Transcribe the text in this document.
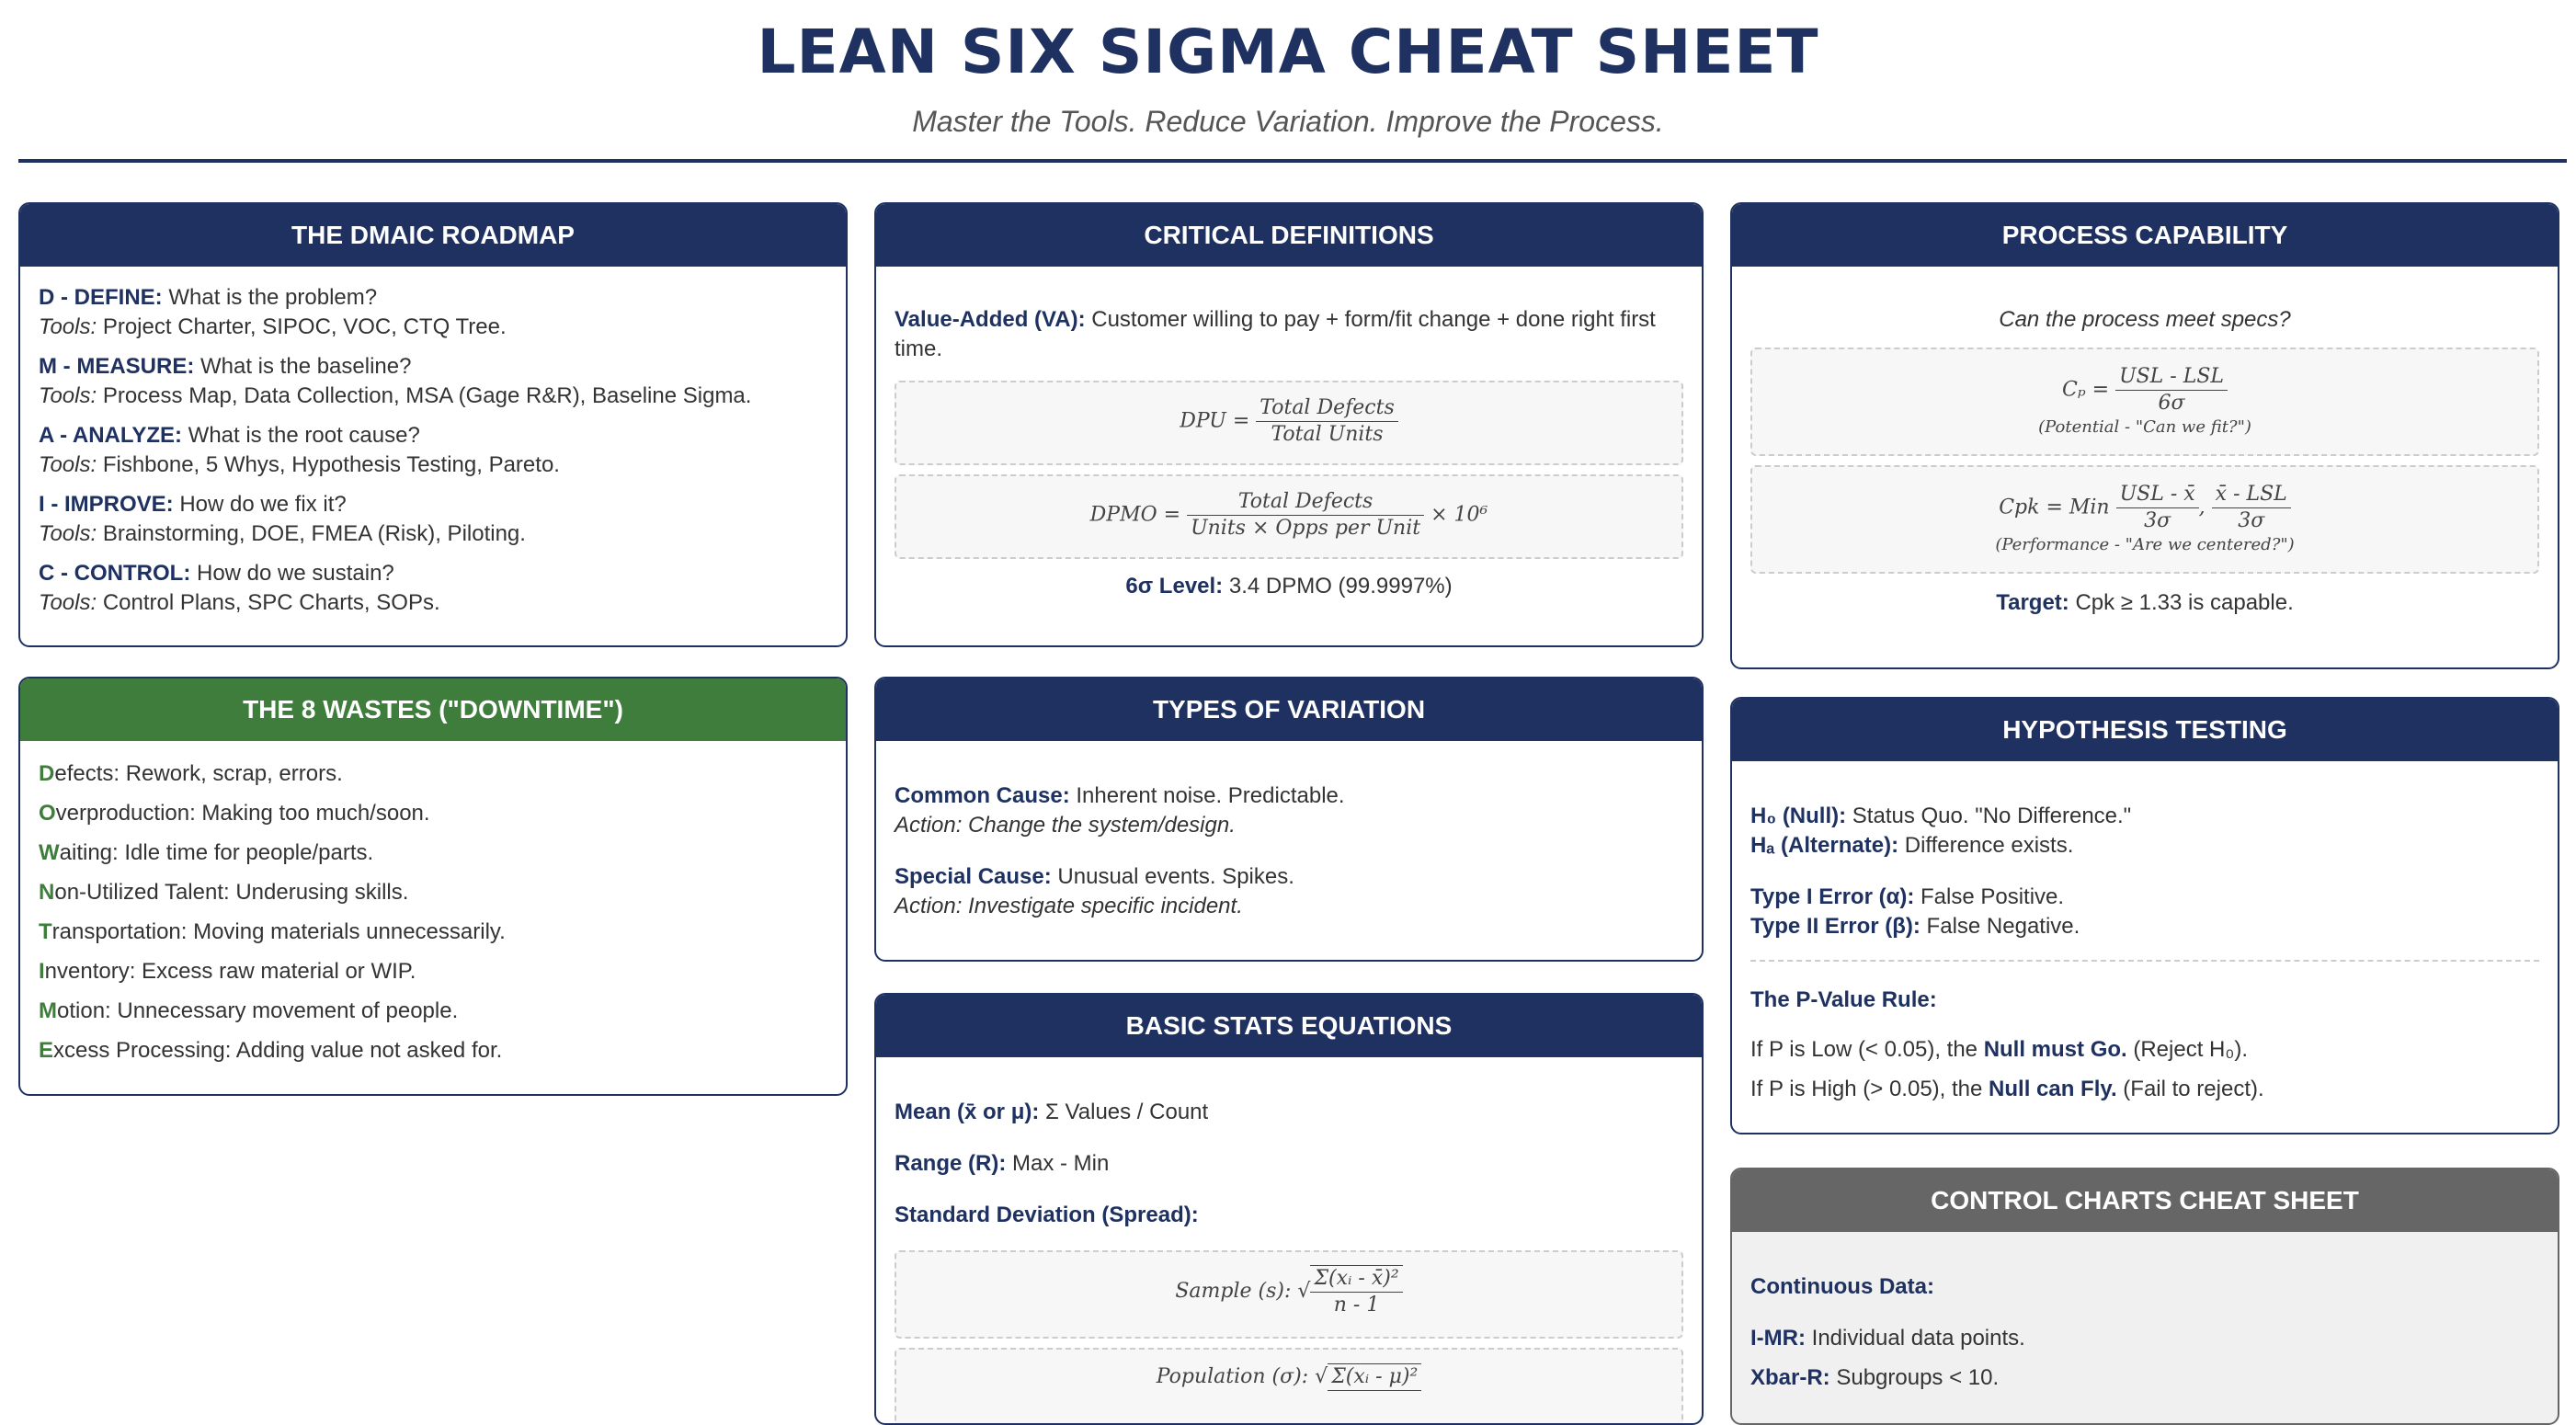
LEAN SIX SIGMA CHEAT SHEET
Master the Tools. Reduce Variation. Improve the Process.
THE DMAIC ROADMAP
D - DEFINE: What is the problem?
Tools: Project Charter, SIPOC, VOC, CTQ Tree.
M - MEASURE: What is the baseline?
Tools: Process Map, Data Collection, MSA (Gage R&R), Baseline Sigma.
A - ANALYZE: What is the root cause?
Tools: Fishbone, 5 Whys, Hypothesis Testing, Pareto.
I - IMPROVE: How do we fix it?
Tools: Brainstorming, DOE, FMEA (Risk), Piloting.
C - CONTROL: How do we sustain?
Tools: Control Plans, SPC Charts, SOPs.
THE 8 WASTES ("DOWNTIME")
Defects: Rework, scrap, errors.
Overproduction: Making too much/soon.
Waiting: Idle time for people/parts.
Non-Utilized Talent: Underusing skills.
Transportation: Moving materials unnecessarily.
Inventory: Excess raw material or WIP.
Motion: Unnecessary movement of people.
Excess Processing: Adding value not asked for.
CRITICAL DEFINITIONS
Value-Added (VA): Customer willing to pay + form/fit change + done right first time.
DPU = $\frac{\text{Total Defects}}{\text{Total Units}}$
DPMO = $\frac{\text{Total Defects}}{\text{Units × Opps per Unit}} \times 10^6$
6σ Level: 3.4 DPMO (99.9997%)
TYPES OF VARIATION
Common Cause: Inherent noise. Predictable.
Action: Change the system/design.
Special Cause: Unusual events. Spikes.
Action: Investigate specific incident.
BASIC STATS EQUATIONS
Mean (x̄ or μ): Σ Values / Count
Range (R): Max - Min
Standard Deviation (Spread):
Sample (s): √ $\frac{\text{Σ(xᵢ - x̄)²}}{n - 1}$
Population (σ): √ Σ(xᵢ - μ)²
PROCESS CAPABILITY
Can the process meet specs?
$C_p = \frac{\text{USL - LSL}}{6\sigma}$
(Potential - "Can we fit?")
Cpk = Min $\frac{\text{USL - x̄}}{3\sigma}$ , $\frac{\text{x̄ - LSL}}{3\sigma}$
(Performance - "Are we centered?")
Target: Cpk ≥ 1.33 is capable.
HYPOTHESIS TESTING
H₀ (Null): Status Quo. "No Difference."
Hₐ (Alternate): Difference exists.
Type I Error (α): False Positive.
Type II Error (β): False Negative.
The P-Value Rule:
If P is Low (< 0.05), the Null must Go. (Reject H₀).
If P is High (> 0.05), the Null can Fly. (Fail to reject).
CONTROL CHARTS CHEAT SHEET
Continuous Data:
I-MR: Individual data points.
Xbar-R: Subgroups < 10.
